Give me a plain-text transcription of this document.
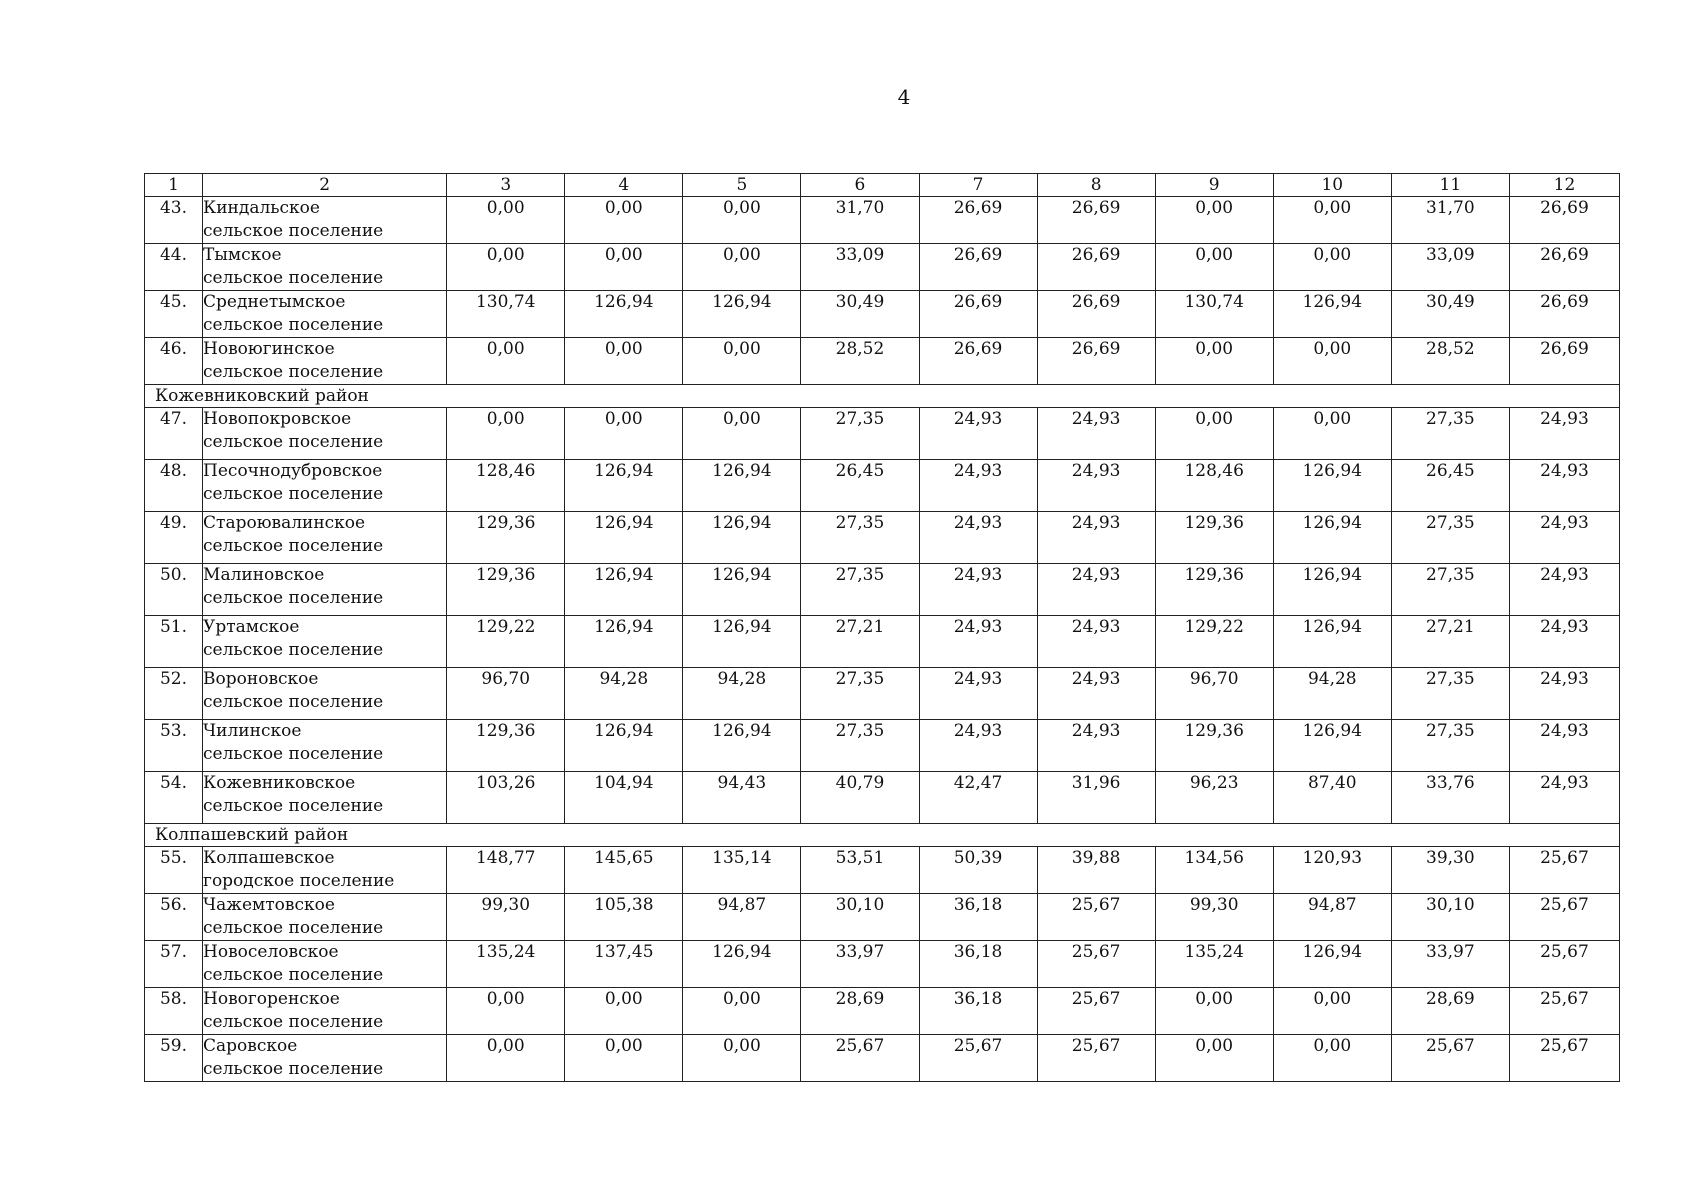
4
1	2	3	4	5	6	7	8	9	10	11	12
43.	Киндальское
сельское поселение	0,00	0,00	0,00	31,70	26,69	26,69	0,00	0,00	31,70	26,69
44.	Тымское
сельское поселение	0,00	0,00	0,00	33,09	26,69	26,69	0,00	0,00	33,09	26,69
45.	Среднетымское
сельское поселение	130,74	126,94	126,94	30,49	26,69	26,69	130,74	126,94	30,49	26,69
46.	Новоюгинское
сельское поселение	0,00	0,00	0,00	28,52	26,69	26,69	0,00	0,00	28,52	26,69
Кожевниковский район											
47.	Новопокровское
сельское поселение	0,00	0,00	0,00	27,35	24,93	24,93	0,00	0,00	27,35	24,93
48.	Песочнодубровское
сельское поселение	128,46	126,94	126,94	26,45	24,93	24,93	128,46	126,94	26,45	24,93
49.	Староювалинское
сельское поселение	129,36	126,94	126,94	27,35	24,93	24,93	129,36	126,94	27,35	24,93
50.	Малиновское
сельское поселение	129,36	126,94	126,94	27,35	24,93	24,93	129,36	126,94	27,35	24,93
51.	Уртамское
сельское поселение	129,22	126,94	126,94	27,21	24,93	24,93	129,22	126,94	27,21	24,93
52.	Вороновское
сельское поселение	96,70	94,28	94,28	27,35	24,93	24,93	96,70	94,28	27,35	24,93
53.	Чилинское
сельское поселение	129,36	126,94	126,94	27,35	24,93	24,93	129,36	126,94	27,35	24,93
54.	Кожевниковское
сельское поселение	103,26	104,94	94,43	40,79	42,47	31,96	96,23	87,40	33,76	24,93
Колпашевский район											
55.	Колпашевское
городское поселение	148,77	145,65	135,14	53,51	50,39	39,88	134,56	120,93	39,30	25,67
56.	Чажемтовское
сельское поселение	99,30	105,38	94,87	30,10	36,18	25,67	99,30	94,87	30,10	25,67
57.	Новоселовское
сельское поселение	135,24	137,45	126,94	33,97	36,18	25,67	135,24	126,94	33,97	25,67
58.	Новогоренское
сельское поселение	0,00	0,00	0,00	28,69	36,18	25,67	0,00	0,00	28,69	25,67
59.	Саровское
сельское поселение	0,00	0,00	0,00	25,67	25,67	25,67	0,00	0,00	25,67	25,67
